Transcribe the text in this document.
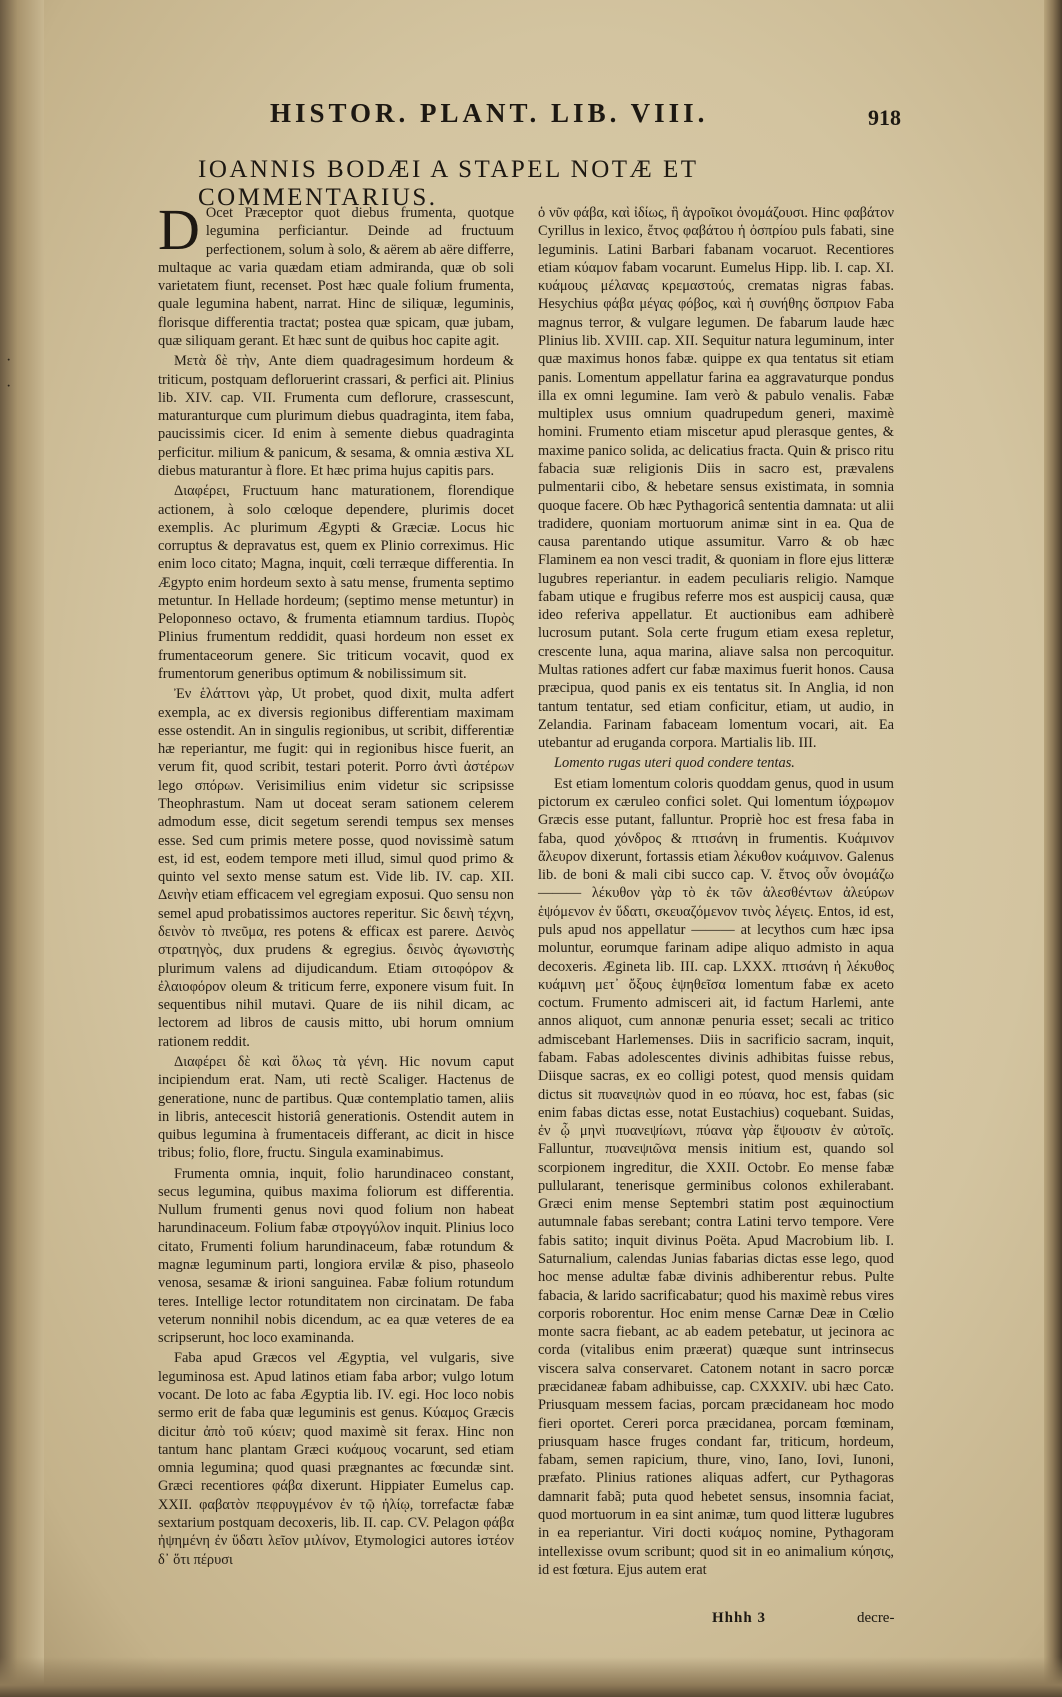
·
·
HISTOR. PLANT. LIB. VIII.	918
IOANNIS BODÆI A STAPEL NOTÆ ET COMMENTARIUS.

D Ocet Præceptor quot diebus frumenta, quotque legumina perficiantur. Deinde ad fructuum perfectionem, solum à solo, & aërem ab aëre differre, multaque ac varia quædam etiam admiranda, quæ ob soli varietatem fiunt, recenset. Post hæc quale folium frumenta, quale legumina habent, narrat. Hinc de siliquæ, leguminis, florisque differentia tractat; postea quæ spicam, quæ jubam, quæ siliquam gerant. Et hæc sunt de quibus hoc capite agit.

Μετὰ δὲ τὴν, Ante diem quadragesimum hordeum & triticum, postquam defloruerint crassari, & perfici ait. Plinius lib. XIV. cap. VII. Frumenta cum deflorure, crassescunt, maturanturque cum plurimum diebus quadraginta, item faba, paucissimis cicer. Id enim à semente diebus quadraginta perficitur. milium & panicum, & sesama, & omnia æstiva XL diebus maturantur à flore. Et hæc prima hujus capitis pars.

Διαφέρει, Fructuum hanc maturationem, florendique actionem, à solo cœloque dependere, plurimis docet exemplis. Ac plurimum Ægypti & Græciæ. Locus hic corruptus & depravatus est, quem ex Plinio correximus. Hic enim loco citato; Magna, inquit, cœli terræque differentia. In Ægypto enim hordeum sexto à satu mense, frumenta septimo metuntur. In Hellade hordeum; (septimo mense metuntur) in Peloponneso octavo, & frumenta etiamnum tardius. Πυρὸς Plinius frumentum reddidit, quasi hordeum non esset ex frumentaceorum genere. Sic triticum vocavit, quod ex frumentorum generibus optimum & nobilissimum sit.

Ἐν ἑλάττονι γὰρ, Ut probet, quod dixit, multa adfert exempla, ac ex diversis regionibus differentiam maximam esse ostendit. An in singulis regionibus, ut scribit, differentiæ hæ reperiantur, me fugit: qui in regionibus hisce fuerit, an verum fit, quod scribit, testari poterit. Porro ἀντὶ ἀστέρων lego σπόρων. Verisimilius enim videtur sic scripsisse Theophrastum. Nam ut doceat seram sationem celerem admodum esse, dicit segetum serendi tempus sex menses esse. Sed cum primis metere posse, quod novissimè satum est, id est, eodem tempore meti illud, simul quod primo & quinto vel sexto mense satum est. Vide lib. IV. cap. XII. Δεινὴν etiam efficacem vel egregiam exposui. Quo sensu non semel apud probatissimos auctores reperitur. Sic δεινὴ τέχνη, δεινὸν τὸ πνεῦμα, res potens & efficax est parere. Δεινὸς στρατηγὸς, dux prudens & egregius. δεινὸς ἀγωνιστὴς plurimum valens ad dijudicandum. Etiam σιτοφόρον & ἐλαιοφόρον oleum & triticum ferre, exponere visum fuit. In sequentibus nihil mutavi. Quare de iis nihil dicam, ac lectorem ad libros de causis mitto, ubi horum omnium rationem reddit.

Διαφέρει δὲ καὶ ὅλως τὰ γένη. Hic novum caput incipiendum erat. Nam, uti rectè Scaliger. Hactenus de generatione, nunc de partibus. Quæ contemplatio tamen, aliis in libris, antecescit historiâ generationis. Ostendit autem in quibus legumina à frumentaceis differant, ac dicit in hisce tribus; folio, flore, fructu. Singula examinabimus.

Frumenta omnia, inquit, folio harundinaceo constant, secus legumina, quibus maxima foliorum est differentia. Nullum frumenti genus novi quod folium non habeat harundinaceum. Folium fabæ στρογγύλον inquit. Plinius loco citato, Frumenti folium harundinaceum, fabæ rotundum & magnæ leguminum parti, longiora ervilæ & piso, phaseolo venosa, sesamæ & irioni sanguinea. Fabæ folium rotundum teres. Intellige lector rotunditatem non circinatam. De faba veterum nonnihil nobis dicendum, ac ea quæ veteres de ea scripserunt, hoc loco examinanda.

Faba apud Græcos vel Ægyptia, vel vulgaris, sive leguminosa est. Apud latinos etiam faba arbor; vulgo lotum vocant. De loto ac faba Ægyptia lib. IV. egi. Hoc loco nobis sermo erit de faba quæ leguminis est genus. Κύαμος Græcis dicitur ἀπὸ τοῦ κύειν; quod maximè sit ferax. Hinc non tantum hanc plantam Græci κυάμους vocarunt, sed etiam omnia legumina; quod quasi prægnantes ac fœcundæ sint. Græci recentiores φάβα dixerunt. Hippiater Eumelus cap. XXII. φαβατὸν πεφρυγμένον ἐν τῷ ἡλίῳ, torrefactæ fabæ sextarium postquam decoxeris, lib. II. cap. CV. Pelagon φάβα ἠψημένη ἐν ὕδατι λεῖον μιλίνον, Etymologici autores ἰστέον δ᾽ ὅτι πέρυσι

ὁ νῦν φάβα, καὶ ἰδίως, ἣ ἀγροῖκοι ὀνομάζουσι. Hinc φαβάτον Cyrillus in lexico, ἔτνος φαβάτου ἡ ὀσπρίου puls fabati, sine leguminis. Latini Barbari fabanam vocaruot. Recentiores etiam κύαμον fabam vocarunt. Eumelus Hipp. lib. I. cap. XI. κυάμους μέλανας κρεμαστούς, crematas nigras fabas. Hesychius φάβα μέγας φόβος, καὶ ἡ συνήθης ὄσπριον Faba magnus terror, & vulgare legumen. De fabarum laude hæc Plinius lib. XVIII. cap. XII. Sequitur natura leguminum, inter quæ maximus honos fabæ. quippe ex qua tentatus sit etiam panis. Lomentum appellatur farina ea aggravaturque pondus illa ex omni legumine. Iam verò & pabulo venalis. Fabæ multiplex usus omnium quadrupedum generi, maximè homini. Frumento etiam miscetur apud plerasque gentes, & maxime panico solida, ac delicatius fracta. Quin & prisco ritu fabacia suæ religionis Diis in sacro est, prævalens pulmentarii cibo, & hebetare sensus existimata, in somnia quoque facere. Ob hæc Pythagoricâ sententia damnata: ut alii tradidere, quoniam mortuorum animæ sint in ea. Qua de causa parentando utique assumitur. Varro & ob hæc Flaminem ea non vesci tradit, & quoniam in flore ejus litteræ lugubres reperiantur. in eadem peculiaris religio. Namque fabam utique e frugibus referre mos est auspicij causa, quæ ideo referiva appellatur. Et auctionibus eam adhiberè lucrosum putant. Sola certe frugum etiam exesa repletur, crescente luna, aqua marina, aliave salsa non percoquitur. Multas rationes adfert cur fabæ maximus fuerit honos. Causa præcipua, quod panis ex eis tentatus sit. In Anglia, id non tantum tentatur, sed etiam conficitur, etiam, ut audio, in Zelandia. Farinam fabaceam lomentum vocari, ait. Ea utebantur ad eruganda corpora. Martialis lib. III.

Lomento rugas uteri quod condere tentas.

Est etiam lomentum coloris quoddam genus, quod in usum pictorum ex cæruleo confici solet. Qui lomentum ἰόχρωμον Græcis esse putant, falluntur. Propriè hoc est fresa faba in faba, quod χόνδρος & πτισάνη in frumentis. Κυάμινον ἄλευρον dixerunt, fortassis etiam λέκυθον κυάμινον. Galenus lib. de boni & mali cibi succo cap. V. ἔτνος οὖν ὀνομάζω ——— λέκυθον γὰρ τὸ ἐκ τῶν ἀλεσθέντων ἀλεύρων ἑψόμενον ἐν ὕδατι, σκευαζόμενον τινὸς λέγεις. Entos, id est, puls apud nos appellatur ——— at lecythos cum hæc ipsa moluntur, eorumque farinam adipe aliquo admisto in aqua decoxeris. Ægineta lib. III. cap. LXXX. πτισάνη ἡ λέκυθος κυάμινη μετ᾽ ὄξους ἑψηθεῖσα lomentum fabæ ex aceto coctum. Frumento admisceri ait, id factum Harlemi, ante annos aliquot, cum annonæ penuria esset; secali ac tritico admiscebant Harlemenses. Diis in sacrificio sacram, inquit, fabam. Fabas adolescentes divinis adhibitas fuisse rebus, Diisque sacras, ex eo colligi potest, quod mensis quidam dictus sit πυανεψιὼν quod in eo πύανα, hoc est, fabas (sic enim fabas dictas esse, notat Eustachius) coquebant. Suidas, ἐν ᾧ μηνὶ πυανεψίωνι, πύανα γὰρ ἕψουσιν ἐν αὐτοῖς. Falluntur, πυανεψιῶνα mensis initium est, quando sol scorpionem ingreditur, die XXII. Octobr. Eo mense fabæ pullularant, tenerisque germinibus colonos exhilerabant. Græci enim mense Septembri statim post æquinoctium autumnale fabas serebant; contra Latini tervo tempore. Vere fabis satito; inquit divinus Poëta. Apud Macrobium lib. I. Saturnalium, calendas Junias fabarias dictas esse lego, quod hoc mense adultæ fabæ divinis adhiberentur rebus. Pulte fabacia, & larido sacrificabatur; quod his maximè rebus vires corporis roborentur. Hoc enim mense Carnæ Deæ in Cœlio monte sacra fiebant, ac ab eadem petebatur, ut jecinora ac corda (vitalibus enim præerat) quæque sunt intrinsecus viscera salva conservaret. Catonem notant in sacro porcæ præcidaneæ fabam adhibuisse, cap. CXXXIV. ubi hæc Cato. Priusquam messem facias, porcam præcidaneam hoc modo fieri oportet. Cereri porca præcidanea, porcam fœminam, priusquam hasce fruges condant far, triticum, hordeum, fabam, semen rapicium, thure, vino, Iano, Iovi, Iunoni, præfato. Plinius rationes aliquas adfert, cur Pythagoras damnarit fabã; puta quod hebetet sensus, insomnia faciat, quod mortuorum in ea sint animæ, tum quod litteræ lugubres in ea reperiantur. Viri docti κυάμος nomine, Pythagoram intellexisse ovum scribunt; quod sit in eo animalium κύησις, id est fœtura. Ejus autem erat

Hhhh 3	decre-
